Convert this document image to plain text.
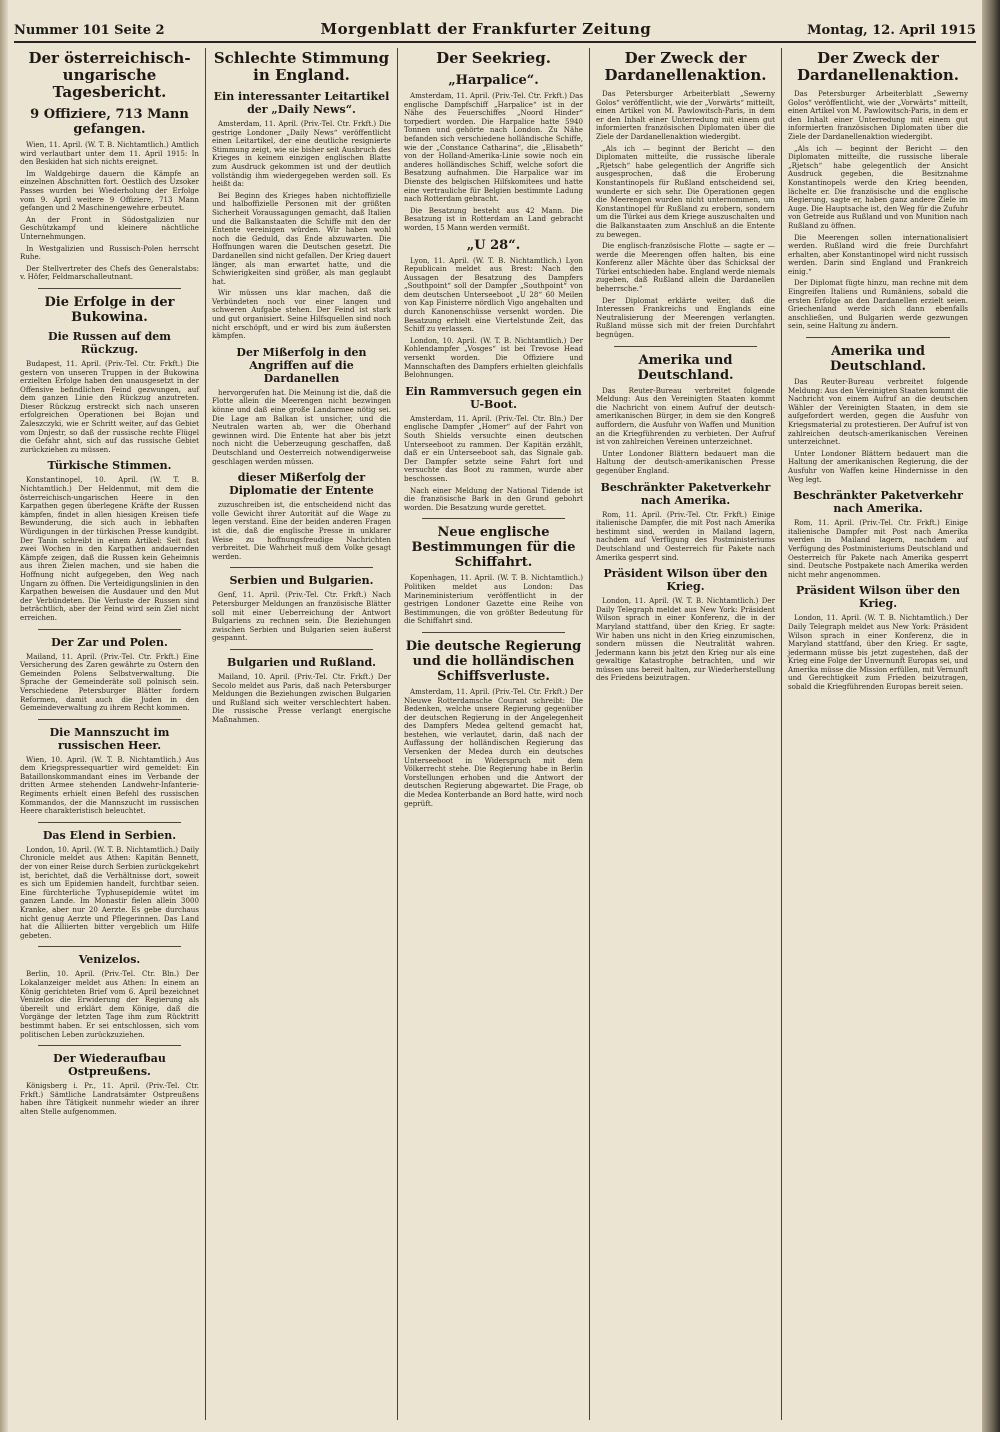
Nummer 101 Seite 2	Morgenblatt der Frankfurter Zeitung	Montag, 12. April 1915
Der österreichisch-ungarische Tagesbericht.
9 Offiziere, 713 Mann gefangen.

Wien, 11. April. (W. T. B. Nichtamtlich.) Amtlich wird verlautbart unter dem 11. April 1915: In den Beskiden hat sich nichts ereignet.

Im Waldgebirge dauern die Kämpfe an einzelnen Abschnitten fort. Oestlich des Uzsoker Passes wurden bei Wiederholung der Erfolge vom 9. April weitere 9 Offiziere, 713 Mann gefangen und 2 Maschinengewehre erbeutet.

An der Front in Südostgalizien nur Geschützkampf und kleinere nächtliche Unternehmungen.

In Westgalizien und Russisch-Polen herrscht Ruhe.

Der Stellvertreter des Chefs des Generalstabs: v. Höfer, Feldmarschalleutnant.

Die Erfolge in der Bukowina.
Die Russen auf dem Rückzug.

Budapest, 11. April. (Priv.-Tel. Ctr. Frkft.) Die gestern von unseren Truppen in der Bukowina erzielten Erfolge haben den unausgesetzt in der Offensive befindlichen Feind gezwungen, auf dem ganzen Linie den Rückzug anzutreten. Dieser Rückzug erstreckt sich nach unseren erfolgreichen Operationen bei Bojan und Zaleszczyki, wie er Schritt weiter, auf das Gebiet vom Dnjestr, so daß der russische rechte Flügel die Gefahr ahnt, sich auf das russische Gebiet zurückziehen zu müssen.

Türkische Stimmen.

Konstantinopel, 10. April. (W. T. B. Nichtamtlich.) Der Heldenmut, mit dem die österreichisch-ungarischen Heere in den Karpathen gegen überlegene Kräfte der Russen kämpfen, findet in allen hiesigen Kreisen tiefe Bewunderung, die sich auch in lebhaften Würdigungen in der türkischen Presse kundgibt. Der Tanin schreibt in einem Artikel: Seit fast zwei Wochen in den Karpathen andauernden Kämpfe zeigen, daß die Russen kein Geheimnis aus ihren Zielen machen, und sie haben die Hoffnung nicht aufgegeben, den Weg nach Ungarn zu öffnen. Die Verteidigungslinien in den Karpathen beweisen die Ausdauer und den Mut der Verbündeten. Die Verluste der Russen sind beträchtlich, aber der Feind wird sein Ziel nicht erreichen.

Der Zar und Polen.

Mailand, 11. April. (Priv.-Tel. Ctr. Frkft.) Eine Versicherung des Zaren gewährte zu Ostern den Gemeinden Polens Selbstverwaltung. Die Sprache der Gemeinderäte soll polnisch sein. Verschiedene Petersburger Blätter fordern Reformen, damit auch die Juden in den Gemeindeverwaltung zu ihrem Recht kommen.

Die Mannszucht im russischen Heer.

Wien, 10. April. (W. T. B. Nichtamtlich.) Aus dem Kriegspressequartier wird gemeldet: Ein Bataillonskommandant eines im Verbande der dritten Armee stehenden Landwehr-Infanterie-Regiments erhielt einen Befehl des russischen Kommandos, der die Mannszucht im russischen Heere charakteristisch beleuchtet.

Das Elend in Serbien.

London, 10. April. (W. T. B. Nichtamtlich.) Daily Chronicle meldet aus Athen: Kapitän Bennett, der von einer Reise durch Serbien zurückgekehrt ist, berichtet, daß die Verhältnisse dort, soweit es sich um Epidemien handelt, furchtbar seien. Eine fürchterliche Typhusepidemie wütet im ganzen Lande. Im Monastir fielen allein 3000 Kranke, aber nur 20 Aerzte. Es gebe durchaus nicht genug Aerzte und Pflegerinnen. Das Land hat die Alliierten bitter vergeblich um Hilfe gebeten.

Venizelos.

Berlin, 10. April. (Priv.-Tel. Ctr. Bln.) Der Lokalanzeiger meldet aus Athen: In einem an König gerichteten Brief vom 6. April bezeichnet Venizelos die Erwiderung der Regierung als übereilt und erklärt dem Könige, daß die Vorgänge der letzten Tage ihm zum Rücktritt bestimmt haben. Er sei entschlossen, sich vom politischen Leben zurückzuziehen.

Der Wiederaufbau Ostpreußens.

Königsberg i. Pr., 11. April. (Priv.-Tel. Ctr. Frkft.) Sämtliche Landratsämter Ostpreußens haben ihre Tätigkeit nunmehr wieder an ihrer alten Stelle aufgenommen.

Schlechte Stimmung in England.
Ein interessanter Leitartikel der „Daily News“.

Amsterdam, 11. April. (Priv.-Tel. Ctr. Frkft.) Die gestrige Londoner „Daily News“ veröffentlicht einen Leitartikel, der eine deutliche resignierte Stimmung zeigt, wie sie bisher seit Ausbruch des Krieges in keinem einzigen englischen Blatte zum Ausdruck gekommen ist und der deutlich vollständig ihm wiedergegeben werden soll. Es heißt da:

Bei Beginn des Krieges haben nichtoffizielle und halboffizielle Personen mit der größten Sicherheit Voraussagungen gemacht, daß Italien und die Balkanstaaten die Schiffe mit den der Entente vereinigen würden. Wir haben wohl noch die Geduld, das Ende abzuwarten. Die Hoffnungen waren die Deutschen gesetzt. Die Dardanellen sind nicht gefallen. Der Krieg dauert länger, als man erwartet hatte, und die Schwierigkeiten sind größer, als man geglaubt hat.

Wir müssen uns klar machen, daß die Verbündeten noch vor einer langen und schweren Aufgabe stehen. Der Feind ist stark und gut organisiert. Seine Hilfsquellen sind noch nicht erschöpft, und er wird bis zum äußersten kämpfen.

Der Mißerfolg in den Angriffen auf die Dardanellen

hervorgerufen hat. Die Meinung ist die, daß die Flotte allein die Meerengen nicht bezwingen könne und daß eine große Landarmee nötig sei. Die Lage am Balkan ist unsicher, und die Neutralen warten ab, wer die Oberhand gewinnen wird. Die Entente hat aber bis jetzt noch nicht die Ueberzeugung geschaffen, daß Deutschland und Oesterreich notwendigerweise geschlagen werden müssen.

dieser Mißerfolg der Diplomatie der Entente

zuzuschreiben ist, die entscheidend nicht das volle Gewicht ihrer Autorität auf die Wage zu legen verstand. Eine der beiden anderen Fragen ist die, daß die englische Presse in unklarer Weise zu hoffnungsfreudige Nachrichten verbreitet. Die Wahrheit muß dem Volke gesagt werden.

Serbien und Bulgarien.

Genf, 11. April. (Priv.-Tel. Ctr. Frkft.) Nach Petersburger Meldungen an französische Blätter soll mit einer Ueberreichung der Antwort Bulgariens zu rechnen sein. Die Beziehungen zwischen Serbien und Bulgarien seien äußerst gespannt.

Bulgarien und Rußland.

Mailand, 10. April. (Priv.-Tel. Ctr. Frkft.) Der Secolo meldet aus Paris, daß nach Petersburger Meldungen die Beziehungen zwischen Bulgarien und Rußland sich weiter verschlechtert haben. Die russische Presse verlangt energische Maßnahmen.

Der Seekrieg.
„Harpalice“.

Amsterdam, 11. April. (Priv.-Tel. Ctr. Frkft.) Das englische Dampfschiff „Harpalice“ ist in der Nähe des Feuerschiffes „Noord Hinder“ torpediert worden. Die Harpalice hatte 5940 Tonnen und gehörte nach London. Zu Nähe befanden sich verschiedene holländische Schiffe, wie der „Constance Catharina“, die „Elisabeth“ von der Holland-Amerika-Linie sowie noch ein anderes holländisches Schiff, welche sofort die Besatzung aufnahmen. Die Harpalice war im Dienste des belgischen Hilfskomitees und hatte eine vertrauliche für Belgien bestimmte Ladung nach Rotterdam gebracht.

Die Besatzung besteht aus 42 Mann. Die Besatzung ist in Rotterdam an Land gebracht worden, 15 Mann werden vermißt.

„U 28“.

Lyon, 11. April. (W. T. B. Nichtamtlich.) Lyon Republicain meldet aus Brest: Nach den Aussagen der Besatzung des Dampfers „Southpoint“ soll der Dampfer „Southpoint“ von dem deutschen Unterseeboot „U 28“ 60 Meilen von Kap Finisterre nördlich Vigo angehalten und durch Kanonenschüsse versenkt worden. Die Besatzung erhielt eine Viertelstunde Zeit, das Schiff zu verlassen.

London, 10. April. (W. T. B. Nichtamtlich.) Der Kohlendampfer „Vosges“ ist bei Trevose Head versenkt worden. Die Offiziere und Mannschaften des Dampfers erhielten gleichfalls Belohnungen.

Ein Rammversuch gegen ein U-Boot.

Amsterdam, 11. April. (Priv.-Tel. Ctr. Bln.) Der englische Dampfer „Homer“ auf der Fahrt von South Shields versuchte einen deutschen Unterseeboot zu rammen. Der Kapitän erzählt, daß er ein Unterseeboot sah, das Signale gab. Der Dampfer setzte seine Fahrt fort und versuchte das Boot zu rammen, wurde aber beschossen.

Nach einer Meldung der National Tidende ist die französische Bark in den Grund gebohrt worden. Die Besatzung wurde gerettet.

Neue englische Bestimmungen für die Schiffahrt.

Kopenhagen, 11. April. (W. T. B. Nichtamtlich.) Politiken meldet aus London: Das Marineministerium veröffentlicht in der gestrigen Londoner Gazette eine Reihe von Bestimmungen, die von größter Bedeutung für die Schiffahrt sind.

Die deutsche Regierung und die holländischen Schiffsverluste.

Amsterdam, 11. April. (Priv.-Tel. Ctr. Frkft.) Der Nieuwe Rotterdamsche Courant schreibt: Die Bedenken, welche unsere Regierung gegenüber der deutschen Regierung in der Angelegenheit des Dampfers Medea geltend gemacht hat, bestehen, wie verlautet, darin, daß nach der Auffassung der holländischen Regierung das Versenken der Medea durch ein deutsches Unterseeboot in Widerspruch mit dem Völkerrecht stehe. Die Regierung habe in Berlin Vorstellungen erhoben und die Antwort der deutschen Regierung abgewartet. Die Frage, ob die Medea Konterbande an Bord hatte, wird noch geprüft.

Der Zweck der Dardanellenaktion.

Das Petersburger Arbeiterblatt „Sewerny Golos“ veröffentlicht, wie der „Vorwärts“ mitteilt, einen Artikel von M. Pawlowitsch-Paris, in dem er den Inhalt einer Unterredung mit einem gut informierten französischen Diplomaten über die Ziele der Dardanellenaktion wiedergibt.

„Als ich — beginnt der Bericht — den Diplomaten mitteilte, die russische liberale „Rjetsch“ habe gelegentlich der Angriffe sich ausgesprochen, daß die Eroberung Konstantinopels für Rußland entscheidend sei, wunderte er sich sehr. Die Operationen gegen die Meerengen wurden nicht unternommen, um Konstantinopel für Rußland zu erobern, sondern um die Türkei aus dem Kriege auszuschalten und die Balkanstaaten zum Anschluß an die Entente zu bewegen.

Die englisch-französische Flotte — sagte er — werde die Meerengen offen halten, bis eine Konferenz aller Mächte über das Schicksal der Türkei entschieden habe. England werde niemals zugeben, daß Rußland allein die Dardanellen beherrsche.“

Der Diplomat erklärte weiter, daß die Interessen Frankreichs und Englands eine Neutralisierung der Meerengen verlangten. Rußland müsse sich mit der freien Durchfahrt begnügen.

Amerika und Deutschland.

Das Reuter-Bureau verbreitet folgende Meldung: Aus den Vereinigten Staaten kommt die Nachricht von einem Aufruf der deutsch-amerikanischen Bürger, in dem sie den Kongreß auffordern, die Ausfuhr von Waffen und Munition an die Kriegführenden zu verbieten. Der Aufruf ist von zahlreichen Vereinen unterzeichnet.

Unter Londoner Blättern bedauert man die Haltung der deutsch-amerikanischen Presse gegenüber England.

Beschränkter Paketverkehr nach Amerika.

Rom, 11. April. (Priv.-Tel. Ctr. Frkft.) Einige italienische Dampfer, die mit Post nach Amerika bestimmt sind, werden in Mailand lagern, nachdem auf Verfügung des Postministeriums Deutschland und Oesterreich für Pakete nach Amerika gesperrt sind.

Präsident Wilson über den Krieg.

London, 11. April. (W. T. B. Nichtamtlich.) Der Daily Telegraph meldet aus New York: Präsident Wilson sprach in einer Konferenz, die in der Maryland stattfand, über den Krieg. Er sagte: Wir haben uns nicht in den Krieg einzumischen, sondern müssen die Neutralität wahren. Jedermann kann bis jetzt den Krieg nur als eine gewaltige Katastrophe betrachten, und wir müssen uns bereit halten, zur Wiederherstellung des Friedens beizutragen.

Der Zweck der Dardanellenaktion.

Das Petersburger Arbeiterblatt „Sewerny Golos“ veröffentlicht, wie der „Vorwärts“ mitteilt, einen Artikel von M. Pawlowitsch-Paris, in dem er den Inhalt einer Unterredung mit einem gut informierten französischen Diplomaten über die Ziele der Dardanellenaktion wiedergibt.

„Als ich — beginnt der Bericht — den Diplomaten mitteilte, die russische liberale „Rjetsch“ habe gelegentlich der Ansicht Ausdruck gegeben, die Besitznahme Konstantinopels werde den Krieg beenden, lächelte er. Die französische und die englische Regierung, sagte er, haben ganz andere Ziele im Auge. Die Hauptsache ist, den Weg für die Zufuhr von Getreide aus Rußland und von Munition nach Rußland zu öffnen.

Die Meerengen sollen internationalisiert werden. Rußland wird die freie Durchfahrt erhalten, aber Konstantinopel wird nicht russisch werden. Darin sind England und Frankreich einig.“

Der Diplomat fügte hinzu, man rechne mit dem Eingreifen Italiens und Rumäniens, sobald die ersten Erfolge an den Dardanellen erzielt seien. Griechenland werde sich dann ebenfalls anschließen, und Bulgarien werde gezwungen sein, seine Haltung zu ändern.

Amerika und Deutschland.

Das Reuter-Bureau verbreitet folgende Meldung: Aus den Vereinigten Staaten kommt die Nachricht von einem Aufruf an die deutschen Wähler der Vereinigten Staaten, in dem sie aufgefordert werden, gegen die Ausfuhr von Kriegsmaterial zu protestieren. Der Aufruf ist von zahlreichen deutsch-amerikanischen Vereinen unterzeichnet.

Unter Londoner Blättern bedauert man die Haltung der amerikanischen Regierung, die der Ausfuhr von Waffen keine Hindernisse in den Weg legt.

Beschränkter Paketverkehr nach Amerika.

Rom, 11. April. (Priv.-Tel. Ctr. Frkft.) Einige italienische Dampfer mit Post nach Amerika werden in Mailand lagern, nachdem auf Verfügung des Postministeriums Deutschland und Oesterreich für Pakete nach Amerika gesperrt sind. Deutsche Postpakete nach Amerika werden nicht mehr angenommen.

Präsident Wilson über den Krieg.

London, 11. April. (W. T. B. Nichtamtlich.) Der Daily Telegraph meldet aus New York: Präsident Wilson sprach in einer Konferenz, die in Maryland stattfand, über den Krieg. Er sagte, jedermann müsse bis jetzt zugestehen, daß der Krieg eine Folge der Unvernunft Europas sei, und Amerika müsse die Mission erfüllen, mit Vernunft und Gerechtigkeit zum Frieden beizutragen, sobald die Kriegführenden Europas bereit seien.
